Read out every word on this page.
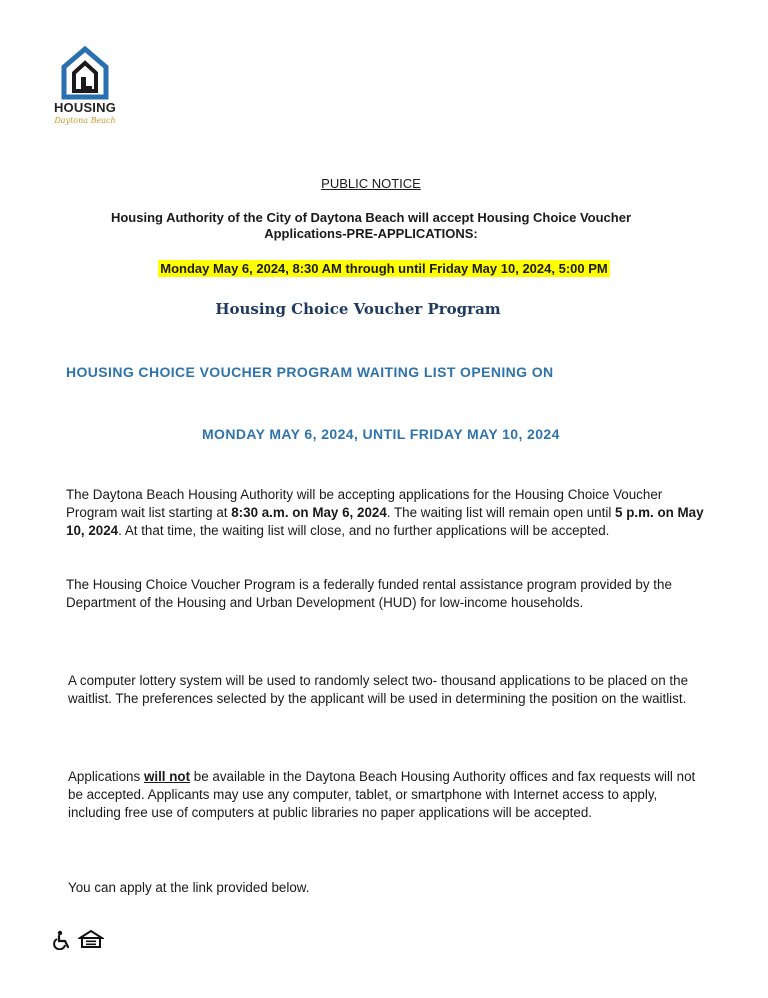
HOUSING
Daytona Beach
PUBLIC NOTICE
Housing Authority of the City of Daytona Beach will accept Housing Choice Voucher
Applications-PRE-APPLICATIONS:
Monday May 6, 2024, 8:30 AM through until Friday May 10, 2024, 5:00 PM
Housing Choice Voucher Program
HOUSING CHOICE VOUCHER PROGRAM WAITING LIST OPENING ON
MONDAY MAY 6, 2024, UNTIL FRIDAY MAY 10, 2024
The Daytona Beach Housing Authority will be accepting applications for the Housing Choice Voucher Program wait list starting at 8:30 a.m. on May 6, 2024. The waiting list will remain open until 5 p.m. on May 10, 2024. At that time, the waiting list will close, and no further applications will be accepted.
The Housing Choice Voucher Program is a federally funded rental assistance program provided by the Department of the Housing and Urban Development (HUD) for low-income households.
A computer lottery system will be used to randomly select two- thousand applications to be placed on the waitlist. The preferences selected by the applicant will be used in determining the position on the waitlist.
Applications will not be available in the Daytona Beach Housing Authority offices and fax requests will not be accepted. Applicants may use any computer, tablet, or smartphone with Internet access to apply, including free use of computers at public libraries no paper applications will be accepted.
You can apply at the link provided below.
